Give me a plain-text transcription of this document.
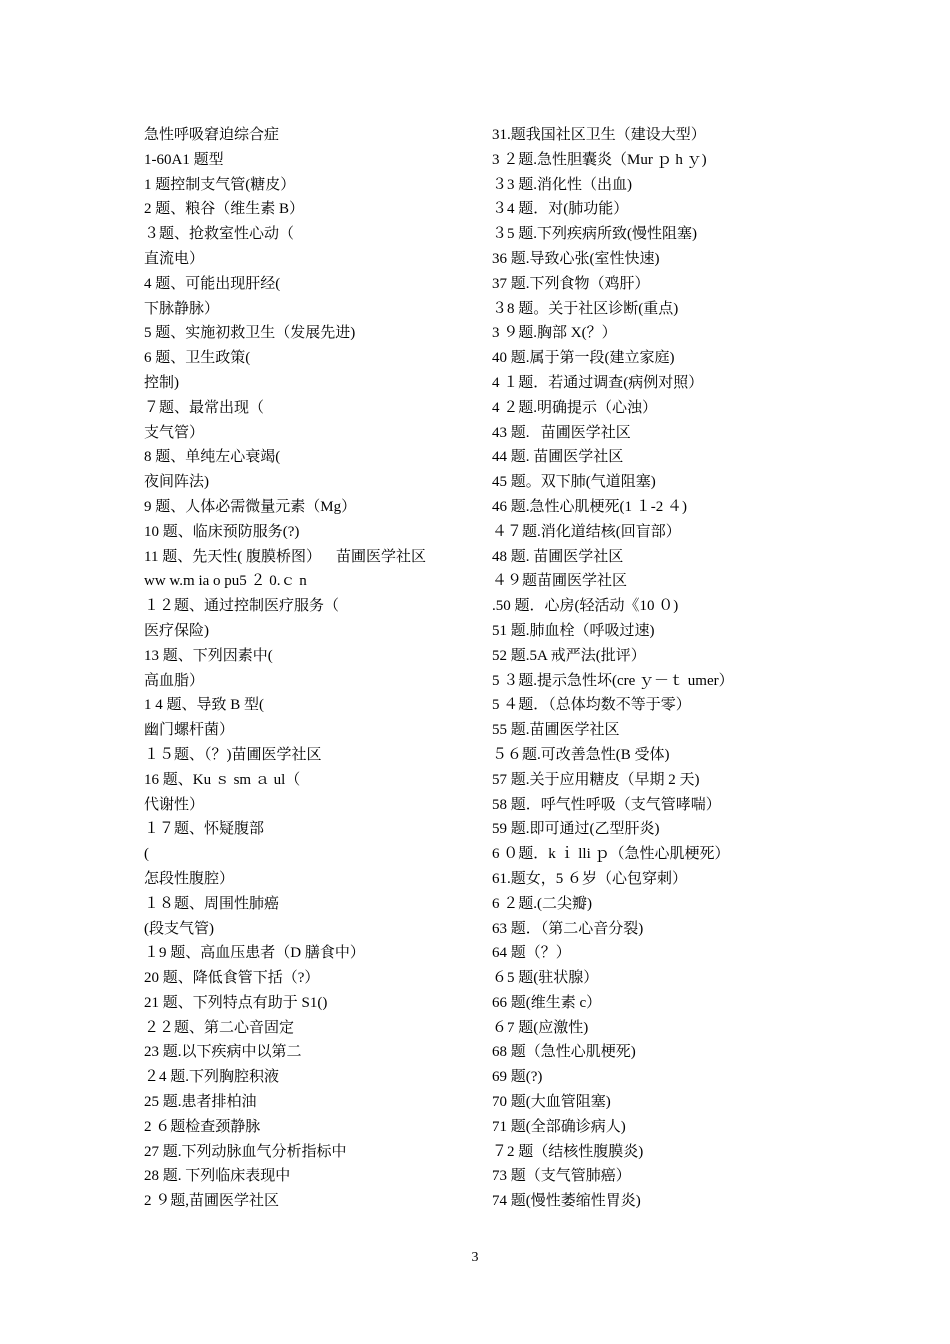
急性呼吸窘迫综合症
1-60A1 题型
1 题控制支气管(糖皮）
2 题、粮谷（维生素 B）
３题、抢救室性心动（
直流电）
4 题、可能出现肝经(
下脉静脉）
5 题、实施初救卫生（发展先进)
6 题、卫生政策(
控制)
７题、最常出现（
支气管）
8 题、单纯左心衰竭(
夜间阵法)
9 题、人体必需微量元素（Mg）
10 题、临床预防服务(?)
11 题、先天性( 腹膜桥图）    苗圃医学社区
ww w.m ia o pu5 ２ 0.ｃ n
１２题、通过控制医疗服务（
医疗保险)
13 题、下列因素中(
高血脂）
1 4 题、导致 B 型(
幽门螺杆菌）
１５题、（？)苗圃医学社区
16 题、Ku ｓ sm ａ ul（
代谢性）
１７题、怀疑腹部
(
怎段性腹腔）
１８题、周围性肺癌
(段支气管)
１9 题、高血压患者（D 膳食中）
20 题、降低食管下括（?）
21 题、下列特点有助于 S1()
２２题、第二心音固定
23 题.以下疾病中以第二
２4 题.下列胸腔积液
25 题.患者排柏油
2 ６题检查颈静脉
27 题.下列动脉血气分析指标中
28 题. 下列临床表现中
2 ９题,苗圃医学社区
31.题我国社区卫生（建设大型）
3 ２题.急性胆囊炎（Mur ｐ h ｙ)
３3 题.消化性（出血)
３4 题．对(肺功能）
３5 题.下列疾病所致(慢性阻塞)
36 题.导致心张(室性快速)
37 题.下列食物（鸡肝）
３8 题。关于社区诊断(重点)
3 ９题.胸部 X(？）
40 题.属于第一段(建立家庭)
4 １题．若通过调查(病例对照）
4 ２题.明确提示（心浊）
43 题.   苗圃医学社区
44 题. 苗圃医学社区
45 题。双下肺(气道阻塞)
46 题.急性心肌梗死(1 １-2 ４)
４７题.消化道结核(回盲部）
48 题. 苗圃医学社区
４９题苗圃医学社区
.50 题．心房(轻活动《10 ０)
51 题.肺血栓（呼吸过速)
52 题.5A 戒严法(批评）
5 ３题.提示急性坏(cre ｙ－ｔ umer）
5 ４题．（总体均数不等于零）
55 题.苗圃医学社区
５６题.可改善急性(B 受体)
57 题.关于应用糖皮（早期 2 天)
58 题．呼气性呼吸（支气管哮喘）
59 题.即可通过(乙型肝炎)
6 ０题．k ｉ lli ｐ（急性心肌梗死）
61.题女，5 ６岁（心包穿刺）
6 ２题.(二尖瓣)
63 题．（第二心音分裂)
64 题（？）
６5 题(驻状腺）
66 题(维生素 c）
６7 题(应激性)
68 题（急性心肌梗死)
69 题(?)
70 题(大血管阻塞)
71 题(全部确诊病人)
７2 题（结核性腹膜炎)
73 题（支气管肺癌）
74 题(慢性萎缩性胃炎)
3
